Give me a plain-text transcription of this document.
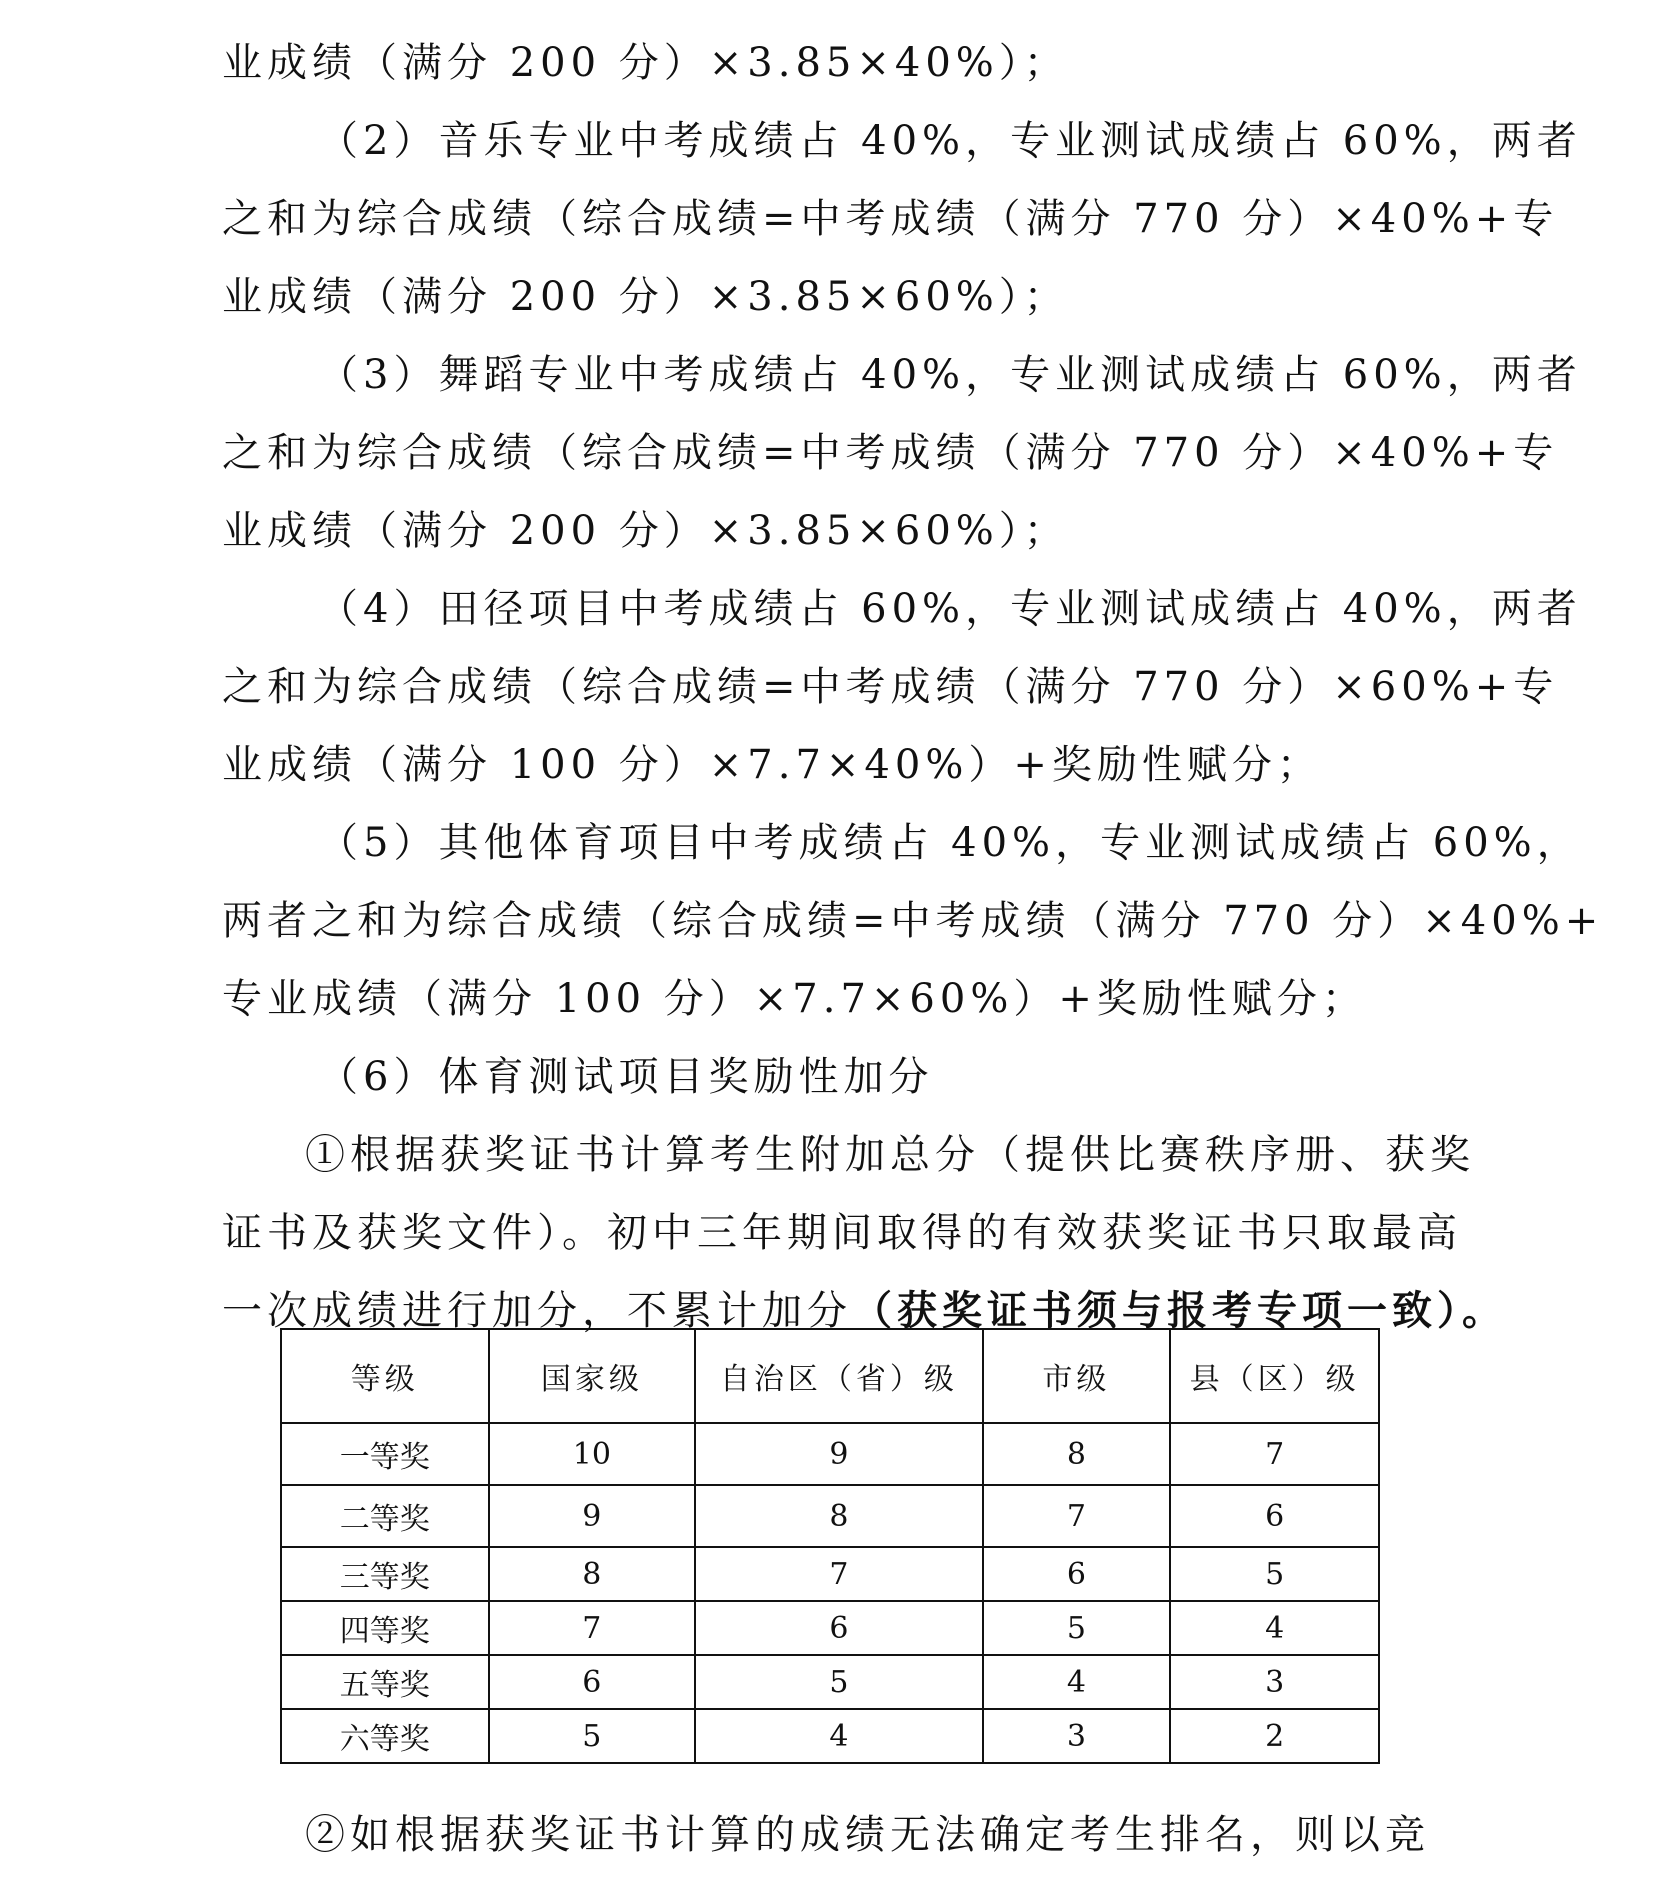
业成绩（满分 200 分）×3.85×40%）；
（2）音乐专业中考成绩占 40%，专业测试成绩占 60%，两者
之和为综合成绩（综合成绩=中考成绩（满分 770 分）×40%+专
业成绩（满分 200 分）×3.85×60%）；
（3）舞蹈专业中考成绩占 40%，专业测试成绩占 60%，两者
之和为综合成绩（综合成绩=中考成绩（满分 770 分）×40%+专
业成绩（满分 200 分）×3.85×60%）；
（4）田径项目中考成绩占 60%，专业测试成绩占 40%，两者
之和为综合成绩（综合成绩=中考成绩（满分 770 分）×60%+专
业成绩（满分 100 分）×7.7×40%）+奖励性赋分；
（5）其他体育项目中考成绩占 40%，专业测试成绩占 60%，
两者之和为综合成绩（综合成绩=中考成绩（满分 770 分）×40%+
专业成绩（满分 100 分）×7.7×60%）+奖励性赋分；
（6）体育测试项目奖励性加分
①根据获奖证书计算考生附加总分（提供比赛秩序册、获奖
证书及获奖文件）。初中三年期间取得的有效获奖证书只取最高
一次成绩进行加分，不累计加分（获奖证书须与报考专项一致）。
等级	国家级	自治区（省）级	市级	县（区）级
一等奖	10	9	8	7
二等奖	9	8	7	6
三等奖	8	7	6	5
四等奖	7	6	5	4
五等奖	6	5	4	3
六等奖	5	4	3	2
②如根据获奖证书计算的成绩无法确定考生排名，则以竞
